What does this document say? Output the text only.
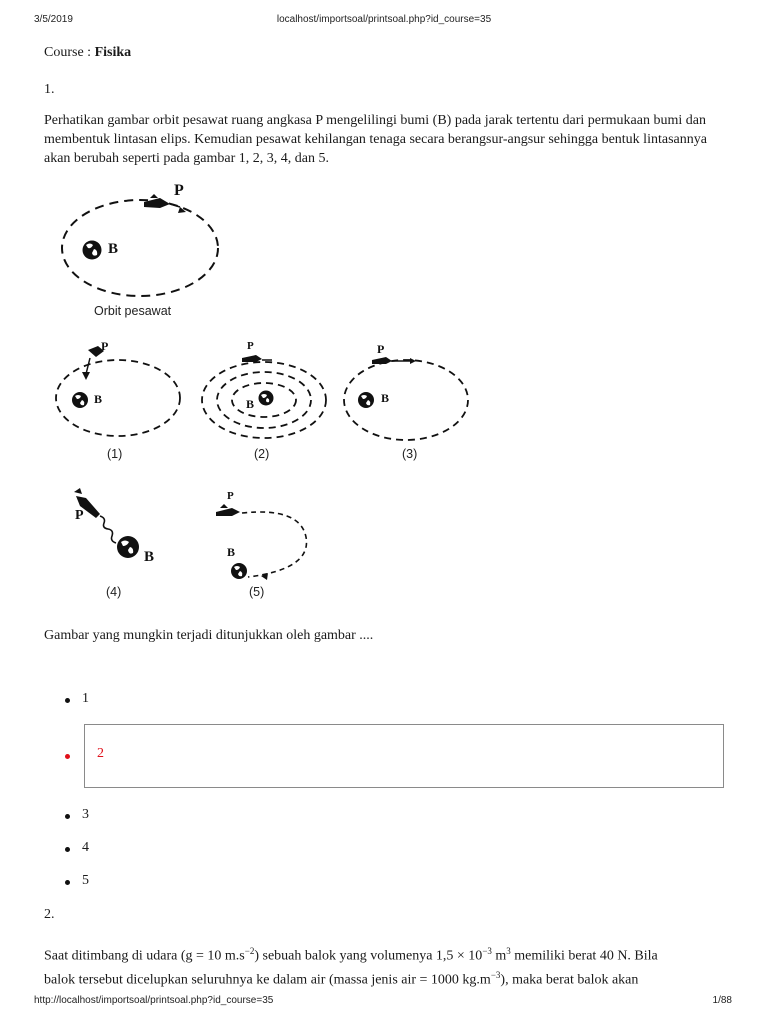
3/5/2019	localhost/importsoal/printsoal.php?id_course=35
Course : Fisika
1.
Perhatikan gambar orbit pesawat ruang angkasa P mengelilingi bumi (B) pada jarak tertentu dari permukaan bumi dan membentuk lintasan elips. Kemudian pesawat kehilangan tenaga secara berangsur-angsur sehingga bentuk lintasannya akan berubah seperti pada gambar 1, 2, 3, 4, dan 5.
P
B
Orbit pesawat
P
B
(1)
P
B
(2)
P
B
(3)
P
B
(4)
P
B
(5)
Gambar yang mungkin terjadi ditunjukkan oleh gambar ....
1
2
3
4
5
2.
Saat ditimbang di udara (g = 10 $m.s^{-2}$) sebuah balok yang volumenya $1,5 \times 10^{-3}$ $m^3$ memiliki berat 40 N. Bila
balok tersebut dicelupkan seluruhnya ke dalam air (massa jenis air = 1000 $kg.m^{-3}$), maka berat balok akan
http://localhost/importsoal/printsoal.php?id_course=35	1/88
